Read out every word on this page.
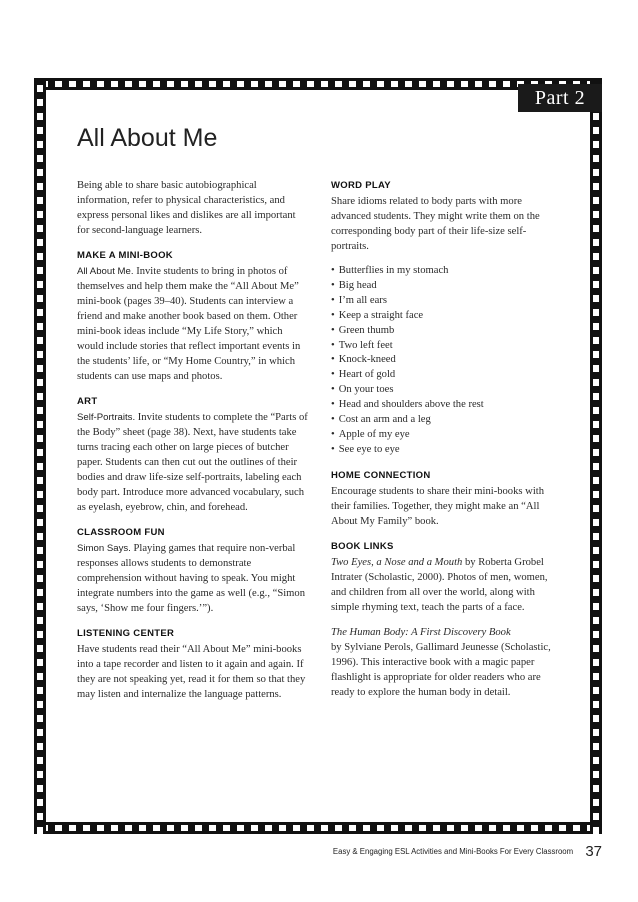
Part 2
All About Me

Being able to share basic autobiographical information, refer to physical characteristics, and express personal likes and dislikes are all important for second-language learners.

MAKE A MINI-BOOK

All About Me. Invite students to bring in photos of themselves and help them make the “All About Me” mini-book (pages 39–40). Students can interview a friend and make another book based on them. Other mini-book ideas include “My Life Story,” which would include stories that reflect important events in the students’ life, or “My Home Country,” in which students can use maps and photos.

ART

Self-Portraits. Invite students to complete the “Parts of the Body” sheet (page 38). Next, have students take turns tracing each other on large pieces of butcher paper. Students can then cut out the outlines of their bodies and draw life-size self-portraits, labeling each body part. Introduce more advanced vocabulary, such as eyelash, eyebrow, chin, and forehead.

CLASSROOM FUN

Simon Says. Playing games that require non-verbal responses allows students to demonstrate comprehension without having to speak. You might integrate numbers into the game as well (e.g., “Simon says, ‘Show me four fingers.’”).

LISTENING CENTER

Have students read their “All About Me” mini-books into a tape recorder and listen to it again and again. If they are not speaking yet, read it for them so that they may listen and internalize the language patterns.

WORD PLAY

Share idioms related to body parts with more advanced students. They might write them on the corresponding body part of their life-size self-portraits.

• Butterflies in my stomach
• Big head
• I’m all ears
• Keep a straight face
• Green thumb
• Two left feet
• Knock-kneed
• Heart of gold
• On your toes
• Head and shoulders above the rest
• Cost an arm and a leg
• Apple of my eye
• See eye to eye
HOME CONNECTION

Encourage students to share their mini-books with their families. Together, they might make an “All About My Family” book.

BOOK LINKS

Two Eyes, a Nose and a Mouth by Roberta Grobel Intrater (Scholastic, 2000). Photos of men, women, and children from all over the world, along with simple rhyming text, teach the parts of a face.

The Human Body: A First Discovery Book
by Sylviane Perols, Gallimard Jeunesse (Scholastic, 1996). This interactive book with a magic paper flashlight is appropriate for older readers who are ready to explore the human body in detail.

Easy & Engaging ESL Activities and Mini-Books For Every Classroom 37
